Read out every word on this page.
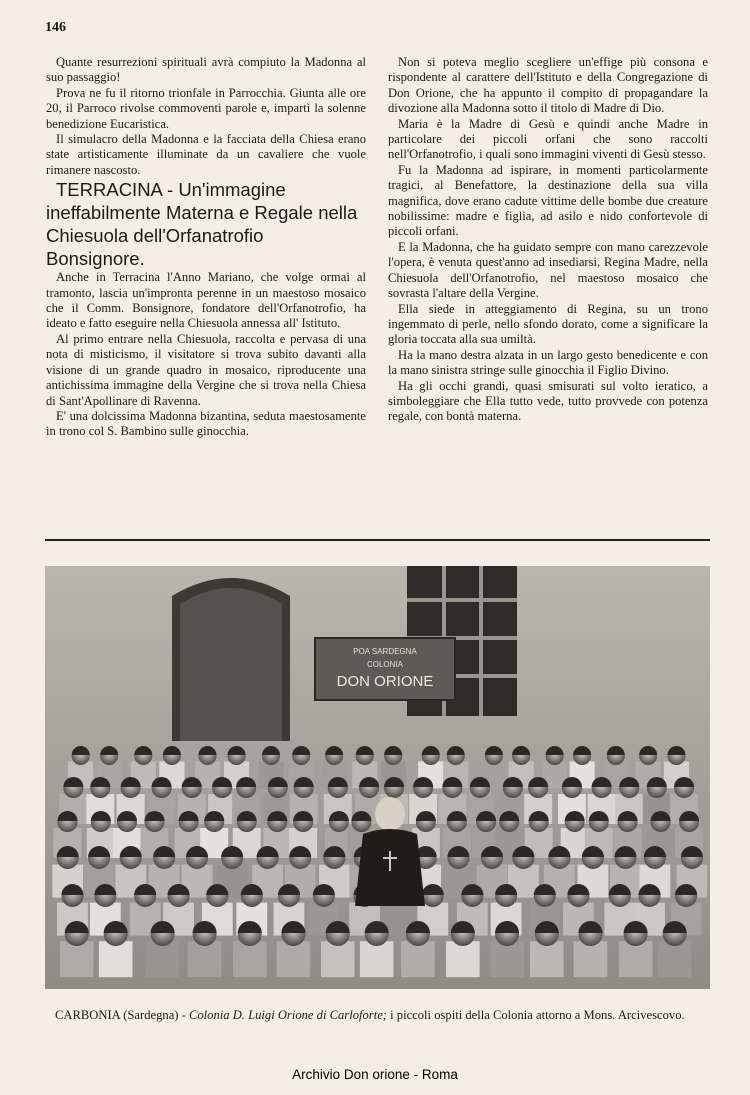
146

Quante resurrezioni spirituali avrà compiuto la Madonna al suo passaggio!

Prova ne fu il ritorno trionfale in Parrocchia. Giunta alle ore 20, il Parroco rivolse commoventi parole e, impartì la solenne benedizione Eucaristica.

Il simulacro della Madonna e la facciata della Chiesa erano state artisticamente illuminate da un cavaliere che vuole rimanere nascosto.

TERRACINA - Un'immagine ineffabilmente Materna e Regale nella Chiesuola dell'Orfanatrofio Bonsignore.

Anche in Terracina l'Anno Mariano, che volge ormai al tramonto, lascia un'impronta perenne in un maestoso mosaico che il Comm. Bonsignore, fondatore dell'Orfanotrofio, ha ideato e fatto eseguire nella Chiesuola annessa all' Istituto.

Al primo entrare nella Chiesuola, raccolta e pervasa di una nota di misticismo, il visitatore si trova subito davanti alla visione di un grande quadro in mosaico, riproducente una antichissima immagine della Vergine che si trova nella Chiesa di Sant'Apollinare di Ravenna.

E' una dolcissima Madonna bizantina, seduta maestosamente in trono col S. Bambino sulle ginocchia.

Non si poteva meglio scegliere un'effige più consona e rispondente al carattere dell'Istituto e della Congregazione di Don Orione, che ha appunto il compito di propagandare la divozione alla Madonna sotto il titolo di Madre di Dio.

Maria è la Madre di Gesù e quindi anche Madre in particolare dei piccoli orfani che sono raccolti nell'Orfanotrofio, i quali sono immagini viventi di Gesù stesso.

Fu la Madonna ad ispirare, in momenti particolarmente tragici, al Benefattore, la destinazione della sua villa magnifica, dove erano cadute vittime delle bombe due creature nobilissime: madre e figlia, ad asilo e nido confortevole di piccoli orfani.

E la Madonna, che ha guidato sempre con mano carezzevole l'opera, è venuta quest'anno ad insediarsi, Regina Madre, nella Chiesuola dell'Orfanotrofio, nel maestoso mosaico che sovrasta l'altare della Vergine.

Ella siede in atteggiamento di Regina, su un trono ingemmato di perle, nello sfondo dorato, come a significare la gloria toccata alla sua umiltà.

Ha la mano destra alzata in un largo gesto benedicente e con la mano sinistra stringe sulle ginocchia il Figlio Divino.

Ha gli occhi grandi, quasi smisurati sul volto ieratico, a simboleggiare che Ella tutto vede, tutto provvede con potenza regale, con bontà materna.

POA SARDEGNA
COLONIA
DON ORIONE
CARBONIA (Sardegna) - Colonia D. Luigi Orione di Carloforte; i piccoli ospiti della Colonia attorno a Mons. Arcivescovo.
Archivio Don orione - Roma
